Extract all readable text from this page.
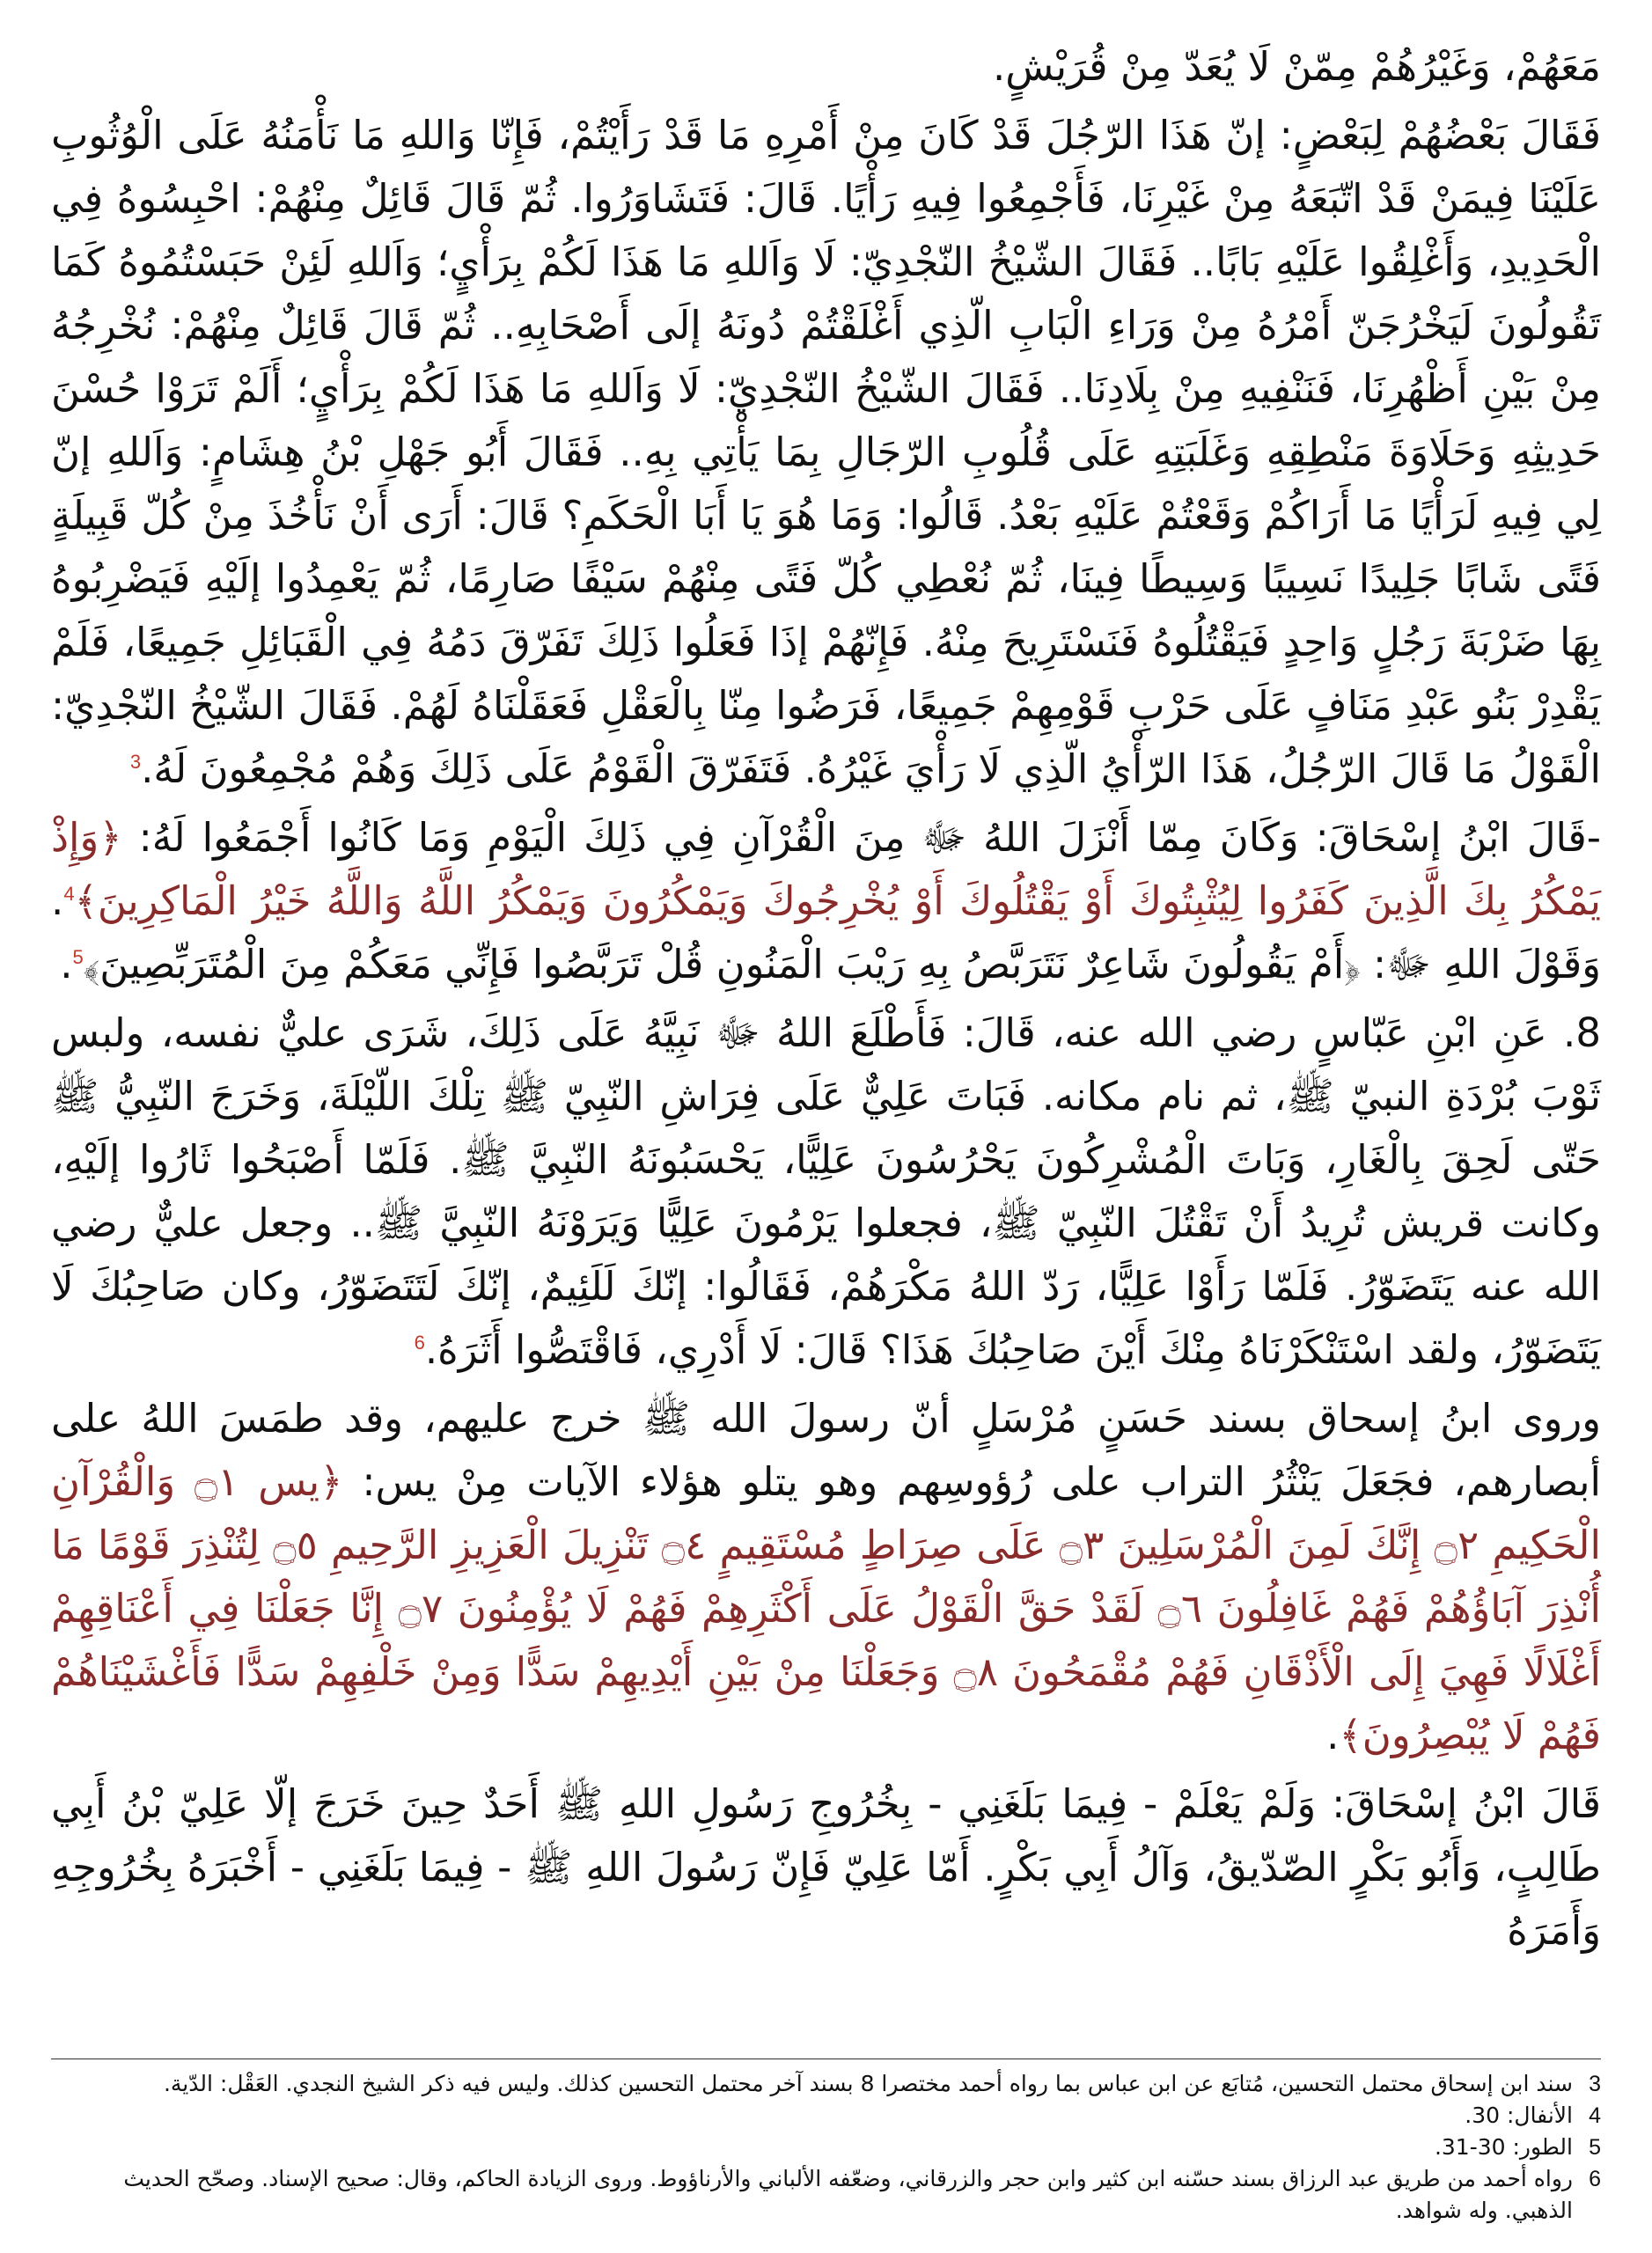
مَعَهُمْ، وَغَيْرُهُمْ مِمّنْ لَا يُعَدّ مِنْ قُرَيْشٍ.

فَقَالَ بَعْضُهُمْ لِبَعْضٍ: إنّ هَذَا الرّجُلَ قَدْ كَانَ مِنْ أَمْرِهِ مَا قَدْ رَأَيْتُمْ، فَإِنّا وَاللهِ مَا نَأْمَنُهُ عَلَى الْوُثُوبِ عَلَيْنَا فِيمَنْ قَدْ اتّبَعَهُ مِنْ غَيْرِنَا، فَأَجْمِعُوا فِيهِ رَأْيًا. قَالَ: فَتَشَاوَرُوا. ثُمّ قَالَ قَائِلٌ مِنْهُمْ: احْبِسُوهُ فِي الْحَدِيدِ، وَأَغْلِقُوا عَلَيْهِ بَابًا.. فَقَالَ الشّيْخُ النّجْدِيّ: لَا وَاَللهِ مَا هَذَا لَكُمْ بِرَأْيٍ؛ وَاَللهِ لَئِنْ حَبَسْتُمُوهُ كَمَا تَقُولُونَ لَيَخْرُجَنّ أَمْرُهُ مِنْ وَرَاءِ الْبَابِ الّذِي أَغْلَقْتُمْ دُونَهُ إلَى أَصْحَابِهِ.. ثُمّ قَالَ قَائِلٌ مِنْهُمْ: نُخْرِجُهُ مِنْ بَيْنِ أَظْهُرِنَا، فَنَنْفِيهِ مِنْ بِلَادِنَا.. فَقَالَ الشّيْخُ النّجْدِيّ: لَا وَاَللهِ مَا هَذَا لَكُمْ بِرَأْيٍ؛ أَلَمْ تَرَوْا حُسْنَ حَدِيثِهِ وَحَلَاوَةَ مَنْطِقِهِ وَغَلَبَتِهِ عَلَى قُلُوبِ الرّجَالِ بِمَا يَأْتِي بِهِ.. فَقَالَ أَبُو جَهْلِ بْنُ هِشَامٍ: وَاَللهِ إنّ لِي فِيهِ لَرَأْيًا مَا أَرَاكُمْ وَقَعْتُمْ عَلَيْهِ بَعْدُ. قَالُوا: وَمَا هُوَ يَا أَبَا الْحَكَمِ؟ قَالَ: أَرَى أَنْ نَأْخُذَ مِنْ كُلّ قَبِيلَةٍ فَتًى شَابًا جَلِيدًا نَسِيبًا وَسِيطًا فِينَا، ثُمّ نُعْطِي كُلّ فَتًى مِنْهُمْ سَيْفًا صَارِمًا، ثُمّ يَعْمِدُوا إلَيْهِ فَيَضْرِبُوهُ بِهَا ضَرْبَةَ رَجُلٍ وَاحِدٍ فَيَقْتُلُوهُ فَنَسْتَرِيحَ مِنْهُ. فَإِنّهُمْ إذَا فَعَلُوا ذَلِكَ تَفَرّقَ دَمُهُ فِي الْقَبَائِلِ جَمِيعًا، فَلَمْ يَقْدِرْ بَنُو عَبْدِ مَنَافٍ عَلَى حَرْبِ قَوْمِهِمْ جَمِيعًا، فَرَضُوا مِنّا بِالْعَقْلِ فَعَقَلْنَاهُ لَهُمْ. فَقَالَ الشّيْخُ النّجْدِيّ: الْقَوْلُ مَا قَالَ الرّجُلُ، هَذَا الرّأْيُ الّذِي لَا رَأْيَ غَيْرُهُ. فَتَفَرّقَ الْقَوْمُ عَلَى ذَلِكَ وَهُمْ مُجْمِعُونَ لَهُ.$^3$

-قَالَ ابْنُ إسْحَاقَ: وَكَانَ مِمّا أَنْزَلَ اللهُ ﷻ مِنَ الْقُرْآنِ فِي ذَلِكَ الْيَوْمِ وَمَا كَانُوا أَجْمَعُوا لَهُ: ﴿وَإِذْ يَمْكُرُ بِكَ الَّذِينَ كَفَرُوا لِيُثْبِتُوكَ أَوْ يَقْتُلُوكَ أَوْ يُخْرِجُوكَ وَيَمْكُرُونَ وَيَمْكُرُ اللَّهُ وَاللَّهُ خَيْرُ الْمَاكِرِينَ﴾$^4$. وَقَوْلَ اللهِ ﷻ: ﴿أَمْ يَقُولُونَ شَاعِرٌ نَتَرَبَّصُ بِهِ رَيْبَ الْمَنُونِ قُلْ تَرَبَّصُوا فَإِنِّي مَعَكُمْ مِنَ الْمُتَرَبِّصِينَ﴾$^5$.

8. عَنِ ابْنِ عَبّاسٍ رضي الله عنه، قَالَ: فَأَطْلَعَ اللهُ ﷻ نَبِيَّهُ عَلَى ذَلِكَ، شَرَى عليٌّ نفسه، ولبس ثَوْبَ بُرْدَةِ النبيّ ﷺ، ثم نام مكانه. فَبَاتَ عَلِيٌّ عَلَى فِرَاشِ النّبِيّ ﷺ تِلْكَ اللّيْلَةَ، وَخَرَجَ النّبِيُّ ﷺ حَتّى لَحِقَ بِالْغَارِ، وَبَاتَ الْمُشْرِكُونَ يَحْرُسُونَ عَلِيًّا، يَحْسَبُونَهُ النّبِيَّ ﷺ. فَلَمّا أَصْبَحُوا ثَارُوا إلَيْهِ، وكانت قريش تُرِيدُ أَنْ تَقْتُلَ النّبِيّ ﷺ، فجعلوا يَرْمُونَ عَلِيًّا وَيَرَوْنَهُ النّبِيَّ ﷺ.. وجعل عليٌّ رضي الله عنه يَتَضَوّرُ. فَلَمّا رَأَوْا عَلِيًّا، رَدّ اللهُ مَكْرَهُمْ، فَقَالُوا: إنّكَ لَلَئِيمٌ، إنّكَ لَتَتَضَوّرُ، وكان صَاحِبُكَ لَا يَتَضَوّرُ، ولقد اسْتَنْكَرْنَاهُ مِنْكَ أَيْنَ صَاحِبُكَ هَذَا؟ قَالَ: لَا أَدْرِي، فَاقْتَصُّوا أَثَرَهُ.$^6$

وروى ابنُ إسحاق بسند حَسَنٍ مُرْسَلٍ أنّ رسولَ الله ﷺ خرج عليهم، وقد طمَسَ اللهُ على أبصارهم، فجَعَلَ يَنْثُرُ التراب على رُؤوسِهم وهو يتلو هؤلاء الآيات مِنْ يس: ﴿يس ۝١ وَالْقُرْآنِ الْحَكِيمِ ۝٢ إِنَّكَ لَمِنَ الْمُرْسَلِينَ ۝٣ عَلَى صِرَاطٍ مُسْتَقِيمٍ ۝٤ تَنْزِيلَ الْعَزِيزِ الرَّحِيمِ ۝٥ لِتُنْذِرَ قَوْمًا مَا أُنْذِرَ آبَاؤُهُمْ فَهُمْ غَافِلُونَ ۝٦ لَقَدْ حَقَّ الْقَوْلُ عَلَى أَكْثَرِهِمْ فَهُمْ لَا يُؤْمِنُونَ ۝٧ إِنَّا جَعَلْنَا فِي أَعْنَاقِهِمْ أَغْلَالًا فَهِيَ إِلَى الْأَذْقَانِ فَهُمْ مُقْمَحُونَ ۝٨ وَجَعَلْنَا مِنْ بَيْنِ أَيْدِيهِمْ سَدًّا وَمِنْ خَلْفِهِمْ سَدًّا فَأَغْشَيْنَاهُمْ فَهُمْ لَا يُبْصِرُونَ﴾.

قَالَ ابْنُ إسْحَاقَ: وَلَمْ يَعْلَمْ - فِيمَا بَلَغَنِي - بِخُرُوجِ رَسُولِ اللهِ ﷺ أَحَدٌ حِينَ خَرَجَ إلّا عَلِيّ بْنُ أَبِي طَالِبٍ، وَأَبُو بَكْرٍ الصّدّيقُ، وَآلُ أَبِي بَكْرٍ. أَمّا عَلِيّ فَإِنّ رَسُولَ اللهِ ﷺ - فِيمَا بَلَغَنِي - أَخْبَرَهُ بِخُرُوجِهِ وَأَمَرَهُ

3
سند ابن إسحاق محتمل التحسين، مُتابَع عن ابن عباس بما رواه أحمد مختصرا 8 بسند آخر محتمل التحسين كذلك. وليس فيه ذكر الشيخ النجدي. العَقْل: الدّية.
4
الأنفال: 30.
5
الطور: 30-31.
6
رواه أحمد من طريق عبد الرزاق بسند حسّنه ابن كثير وابن حجر والزرقاني، وضعّفه الألباني والأرناؤوط. وروى الزيادة الحاكم، وقال: صحيح الإسناد. وصحّح الحديث الذهبي. وله شواهد.
